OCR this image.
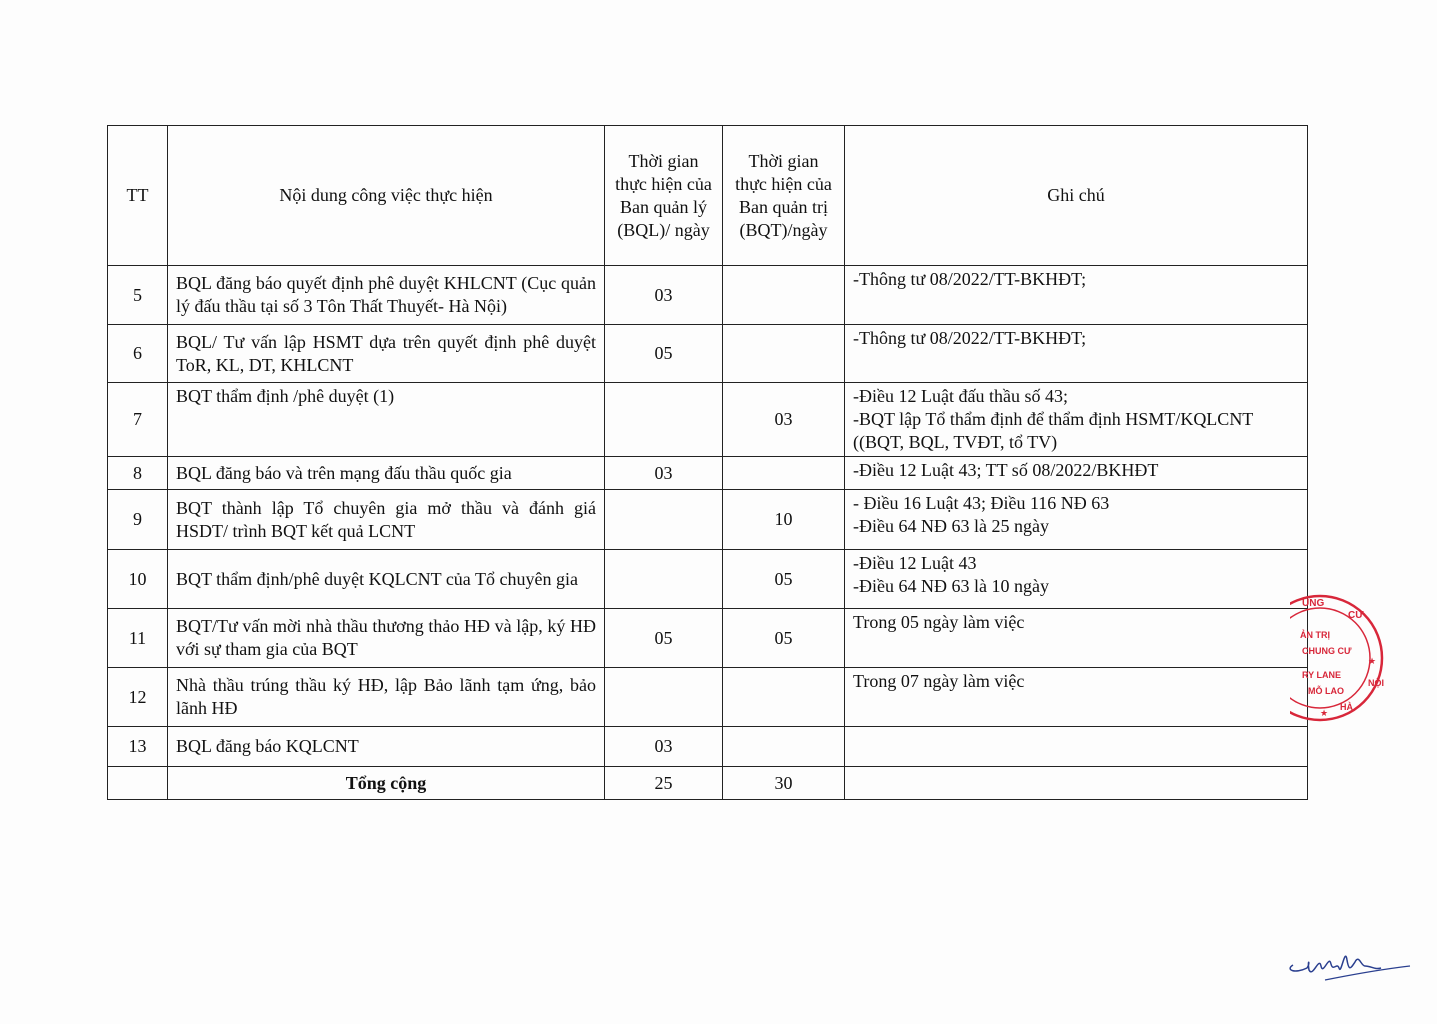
TT	Nội dung công việc thực hiện	Thời gian thực hiện của Ban quản lý (BQL)/ ngày	Thời gian thực hiện của Ban quản trị (BQT)/ngày	Ghi chú
5	BQL đăng báo quyết định phê duyệt KHLCNT (Cục quản lý đấu thầu tại số 3 Tôn Thất Thuyết- Hà Nội)	03		-Thông tư 08/2022/TT-BKHĐT;

6	BQL/ Tư vấn lập HSMT dựa trên quyết định phê duyệt ToR, KL, DT, KHLCNT	05		-Thông tư 08/2022/TT-BKHĐT;

7	BQT thẩm định /phê duyệt (1)		03	-Điều 12 Luật đấu thầu số 43;
-BQT lập Tổ thẩm định để thẩm định HSMT/KQLCNT
((BQT, BQL, TVĐT, tổ TV)

8	BQL đăng báo và trên mạng đấu thầu quốc gia	03		-Điều 12 Luật 43; TT số 08/2022/BKHĐT

9	BQT thành lập Tổ chuyên gia mở thầu và đánh giá HSDT/ trình BQT kết quả LCNT		10	- Điều 16 Luật 43; Điều 116 NĐ 63
-Điều 64 NĐ 63 là 25 ngày

10	BQT thẩm định/phê duyệt KQLCNT của Tổ chuyên gia		05	-Điều 12 Luật 43
-Điều 64 NĐ 63 là 10 ngày

11	BQT/Tư vấn mời nhà thầu thương thảo HĐ và lập, ký HĐ với sự tham gia của BQT	05	05	Trong 05 ngày làm việc

12	Nhà thầu trúng thầu ký HĐ, lập Bảo lãnh tạm ứng, bảo lãnh HĐ			Trong 07 ngày làm việc

13	BQL đăng báo KQLCNT	03		

	Tổng cộng	25	30	
UNG
CƯ
ẢN TRỊ
CHUNG CƯ
RY LANE
MỖ LAO
HÀ
NỘI
★
★
